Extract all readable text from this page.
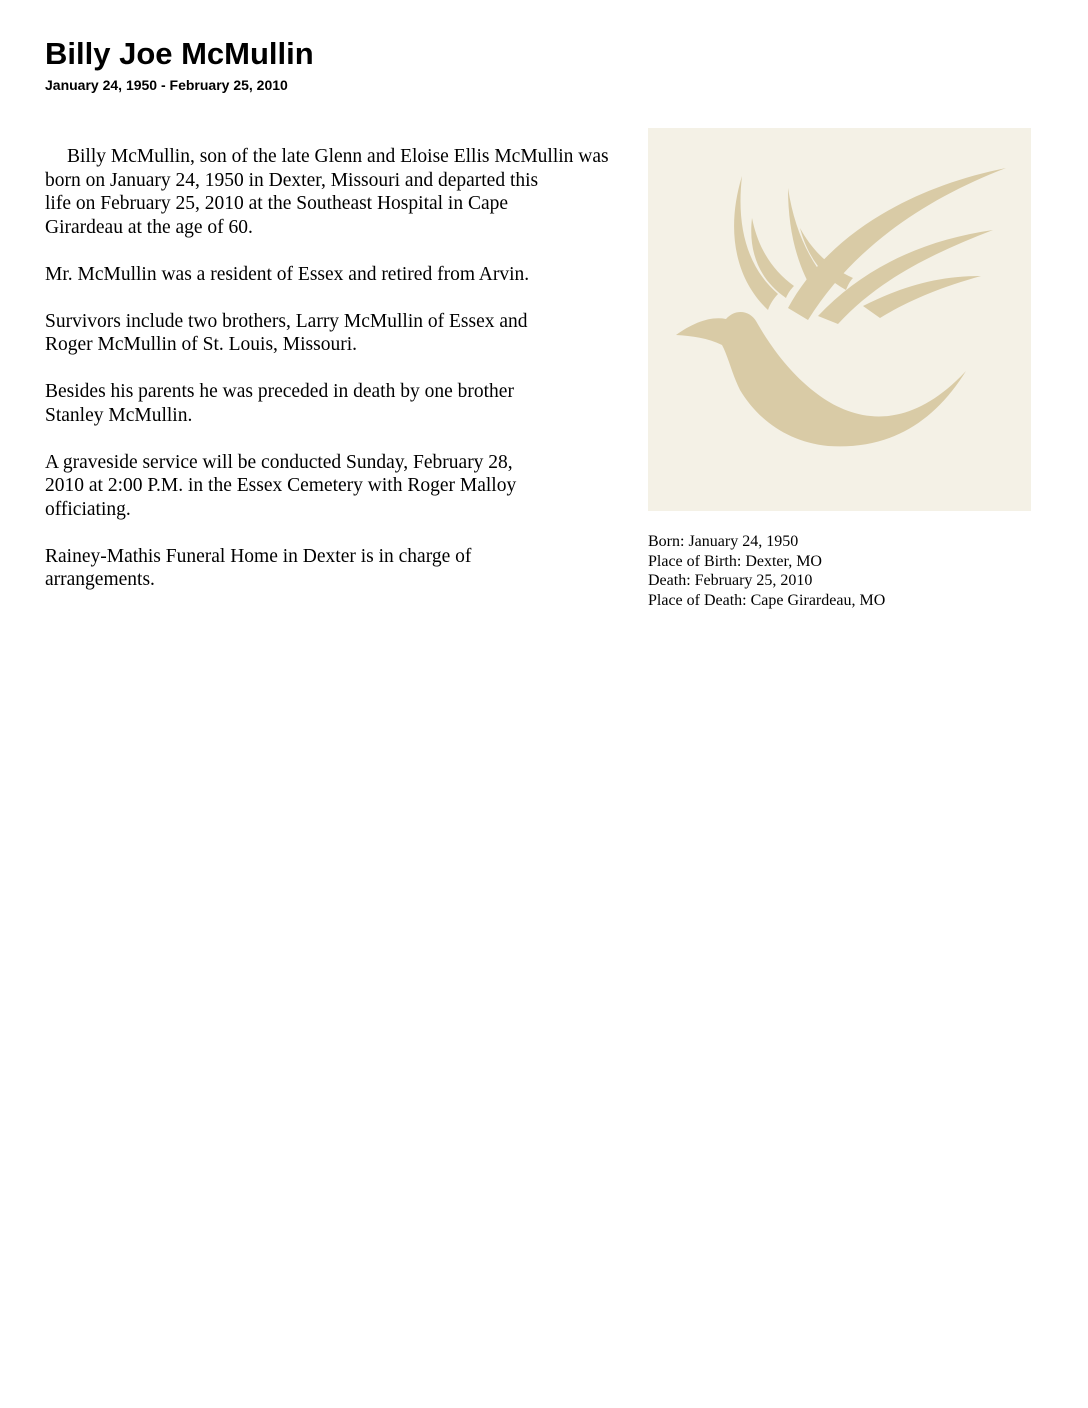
Billy Joe McMullin
January 24, 1950 - February 25, 2010

Billy McMullin, son of the late Glenn and Eloise Ellis McMullin was
born on January 24, 1950 in Dexter, Missouri and departed this
life on February 25, 2010 at the Southeast Hospital in Cape
Girardeau at the age of 60.

Mr. McMullin was a resident of Essex and retired from Arvin.

Survivors include two brothers, Larry McMullin of Essex and
Roger McMullin of St. Louis, Missouri.

Besides his parents he was preceded in death by one brother
Stanley McMullin.

A graveside service will be conducted Sunday, February 28,
2010 at 2:00 P.M. in the Essex Cemetery with Roger Malloy
officiating.

Rainey-Mathis Funeral Home in Dexter is in charge of
arrangements.

Born: January 24, 1950
Place of Birth: Dexter, MO
Death: February 25, 2010
Place of Death: Cape Girardeau, MO
